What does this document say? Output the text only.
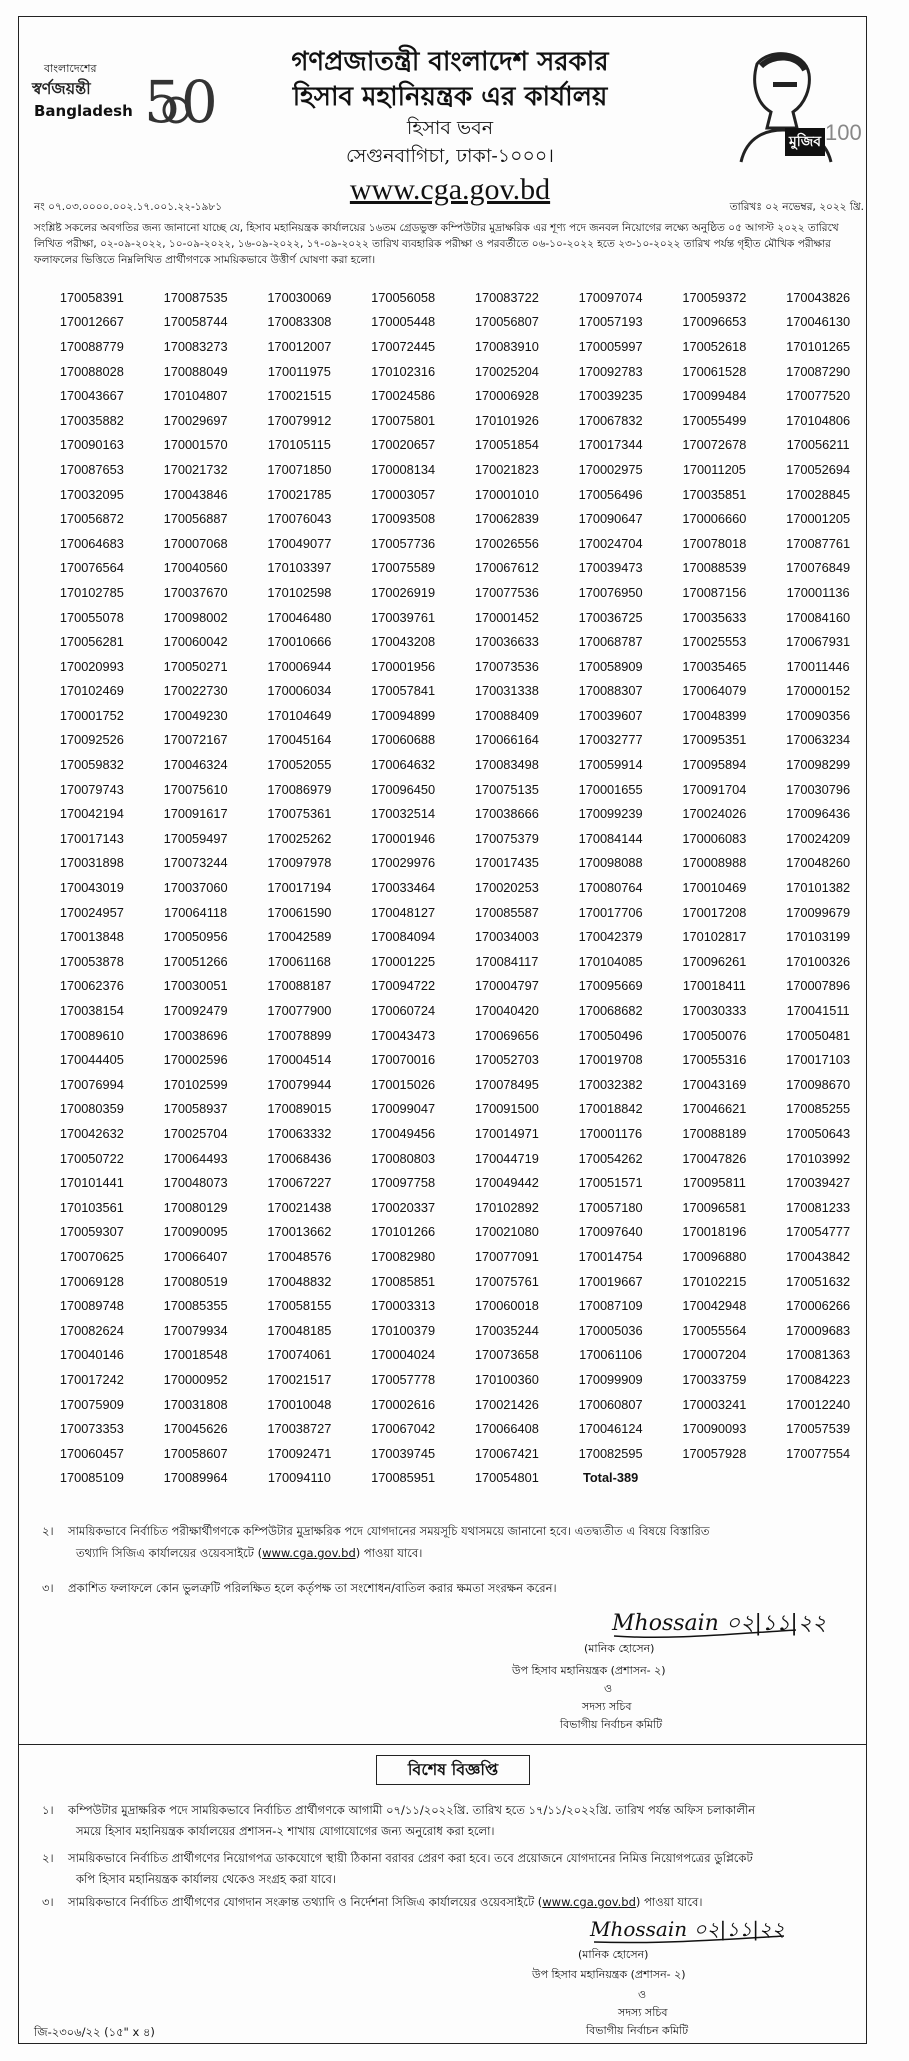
বাংলাদেশের
স্বর্ণজয়ন্তী
Bangladesh 50
গণপ্রজাতন্ত্রী বাংলাদেশ সরকার
হিসাব মহানিয়ন্ত্রক এর কার্যালয়
হিসাব ভবন
সেগুনবাগিচা, ঢাকা-১০০০।
www.cga.gov.bd
মুজিব 100
নং ০৭.০৩.০০০০.০০২.১৭.০০১.২২-১৯৮১	তারিখঃ ০২ নভেম্বর, ২০২২ খ্রি.
সংশ্লিষ্ট সকলের অবগতির জন্য জানানো যাচ্ছে যে, হিসাব মহানিয়ন্ত্রক কার্যালয়ের ১৬তম গ্রেডভুক্ত কম্পিউটার মুদ্রাক্ষরিক এর শূণ্য পদে জনবল নিয়োগের লক্ষ্যে অনুষ্ঠিত ০৫ আগস্ট ২০২২ তারিখে লিখিত পরীক্ষা, ০২-০৯-২০২২, ১০-০৯-২০২২, ১৬-০৯-২০২২, ১৭-০৯-২০২২ তারিখ ব্যবহারিক পরীক্ষা ও পরবর্তীতে ০৬-১০-২০২২ হতে ২৩-১০-২০২২ তারিখ পর্যন্ত গৃহীত মৌখিক পরীক্ষার ফলাফলের ভিত্তিতে নিম্নলিখিত প্রার্থীগণকে সাময়িকভাবে উত্তীর্ণ ঘোষণা করা হলো।
170058391	170087535	170030069	170056058	170083722	170097074	170059372	170043826
170012667	170058744	170083308	170005448	170056807	170057193	170096653	170046130
170088779	170083273	170012007	170072445	170083910	170005997	170052618	170101265
170088028	170088049	170011975	170102316	170025204	170092783	170061528	170087290
170043667	170104807	170021515	170024586	170006928	170039235	170099484	170077520
170035882	170029697	170079912	170075801	170101926	170067832	170055499	170104806
170090163	170001570	170105115	170020657	170051854	170017344	170072678	170056211
170087653	170021732	170071850	170008134	170021823	170002975	170011205	170052694
170032095	170043846	170021785	170003057	170001010	170056496	170035851	170028845
170056872	170056887	170076043	170093508	170062839	170090647	170006660	170001205
170064683	170007068	170049077	170057736	170026556	170024704	170078018	170087761
170076564	170040560	170103397	170075589	170067612	170039473	170088539	170076849
170102785	170037670	170102598	170026919	170077536	170076950	170087156	170001136
170055078	170098002	170046480	170039761	170001452	170036725	170035633	170084160
170056281	170060042	170010666	170043208	170036633	170068787	170025553	170067931
170020993	170050271	170006944	170001956	170073536	170058909	170035465	170011446
170102469	170022730	170006034	170057841	170031338	170088307	170064079	170000152
170001752	170049230	170104649	170094899	170088409	170039607	170048399	170090356
170092526	170072167	170045164	170060688	170066164	170032777	170095351	170063234
170059832	170046324	170052055	170064632	170083498	170059914	170095894	170098299
170079743	170075610	170086979	170096450	170075135	170001655	170091704	170030796
170042194	170091617	170075361	170032514	170038666	170099239	170024026	170096436
170017143	170059497	170025262	170001946	170075379	170084144	170006083	170024209
170031898	170073244	170097978	170029976	170017435	170098088	170008988	170048260
170043019	170037060	170017194	170033464	170020253	170080764	170010469	170101382
170024957	170064118	170061590	170048127	170085587	170017706	170017208	170099679
170013848	170050956	170042589	170084094	170034003	170042379	170102817	170103199
170053878	170051266	170061168	170001225	170084117	170104085	170096261	170100326
170062376	170030051	170088187	170094722	170004797	170095669	170018411	170007896
170038154	170092479	170077900	170060724	170040420	170068682	170030333	170041511
170089610	170038696	170078899	170043473	170069656	170050496	170050076	170050481
170044405	170002596	170004514	170070016	170052703	170019708	170055316	170017103
170076994	170102599	170079944	170015026	170078495	170032382	170043169	170098670
170080359	170058937	170089015	170099047	170091500	170018842	170046621	170085255
170042632	170025704	170063332	170049456	170014971	170001176	170088189	170050643
170050722	170064493	170068436	170080803	170044719	170054262	170047826	170103992
170101441	170048073	170067227	170097758	170049442	170051571	170095811	170039427
170103561	170080129	170021438	170020337	170102892	170057180	170096581	170081233
170059307	170090095	170013662	170101266	170021080	170097640	170018196	170054777
170070625	170066407	170048576	170082980	170077091	170014754	170096880	170043842
170069128	170080519	170048832	170085851	170075761	170019667	170102215	170051632
170089748	170085355	170058155	170003313	170060018	170087109	170042948	170006266
170082624	170079934	170048185	170100379	170035244	170005036	170055564	170009683
170040146	170018548	170074061	170004024	170073658	170061106	170007204	170081363
170017242	170000952	170021517	170057778	170100360	170099909	170033759	170084223
170075909	170031808	170010048	170002616	170021426	170060807	170003241	170012240
170073353	170045626	170038727	170067042	170066408	170046124	170090093	170057539
170060457	170058607	170092471	170039745	170067421	170082595	170057928	170077554
170085109	170089964	170094110	170085951	170054801	Total-389		
২। সাময়িকভাবে নির্বাচিত পরীক্ষার্থীগণকে কম্পিউটার মুদ্রাক্ষরিক পদে যোগদানের সময়সূচি যথাসময়ে জানানো হবে। এতদ্ব্যতীত এ বিষয়ে বিস্তারিত
তথ্যাদি সিজিএ কার্যালয়ের ওয়েবসাইটে (www.cga.gov.bd) পাওয়া যাবে।
৩। প্রকাশিত ফলাফলে কোন ভুলত্রুটি পরিলক্ষিত হলে কর্তৃপক্ষ তা সংশোধন/বাতিল করার ক্ষমতা সংরক্ষন করেন।
Mhossain ০২|১১|২২
(মানিক হোসেন)
উপ হিসাব মহানিয়ন্ত্রক (প্রশাসন- ২)
ও
সদস্য সচিব
বিভাগীয় নির্বাচন কমিটি
বিশেষ বিজ্ঞপ্তি
১। কম্পিউটার মুদ্রাক্ষরিক পদে সাময়িকভাবে নির্বাচিত প্রার্থীগণকে আগামী ০৭/১১/২০২২খ্রি. তারিখ হতে ১৭/১১/২০২২খ্রি. তারিখ পর্যন্ত অফিস চলাকালীন
সময়ে হিসাব মহানিয়ন্ত্রক কার্যালয়ের প্রশাসন-২ শাখায় যোগাযোগের জন্য অনুরোধ করা হলো।
২। সাময়িকভাবে নির্বাচিত প্রার্থীগণের নিয়োগপত্র ডাকযোগে স্থায়ী ঠিকানা বরাবর প্রেরণ করা হবে। তবে প্রয়োজনে যোগদানের নিমিত্ত নিয়োগপত্রের ডুপ্লিকেট
কপি হিসাব মহানিয়ন্ত্রক কার্যালয় থেকেও সংগ্রহ করা যাবে।
৩। সাময়িকভাবে নির্বাচিত প্রার্থীগণের যোগদান সংক্রান্ত তথ্যাদি ও নির্দেশনা সিজিএ কার্যালয়ের ওয়েবসাইটে (www.cga.gov.bd) পাওয়া যাবে।
Mhossain ০২|১১|২২
(মানিক হোসেন)
উপ হিসাব মহানিয়ন্ত্রক (প্রশাসন- ২)
ও
সদস্য সচিব
বিভাগীয় নির্বাচন কমিটি
জি-২৩০৬/২২ (১৫" x ৪)
